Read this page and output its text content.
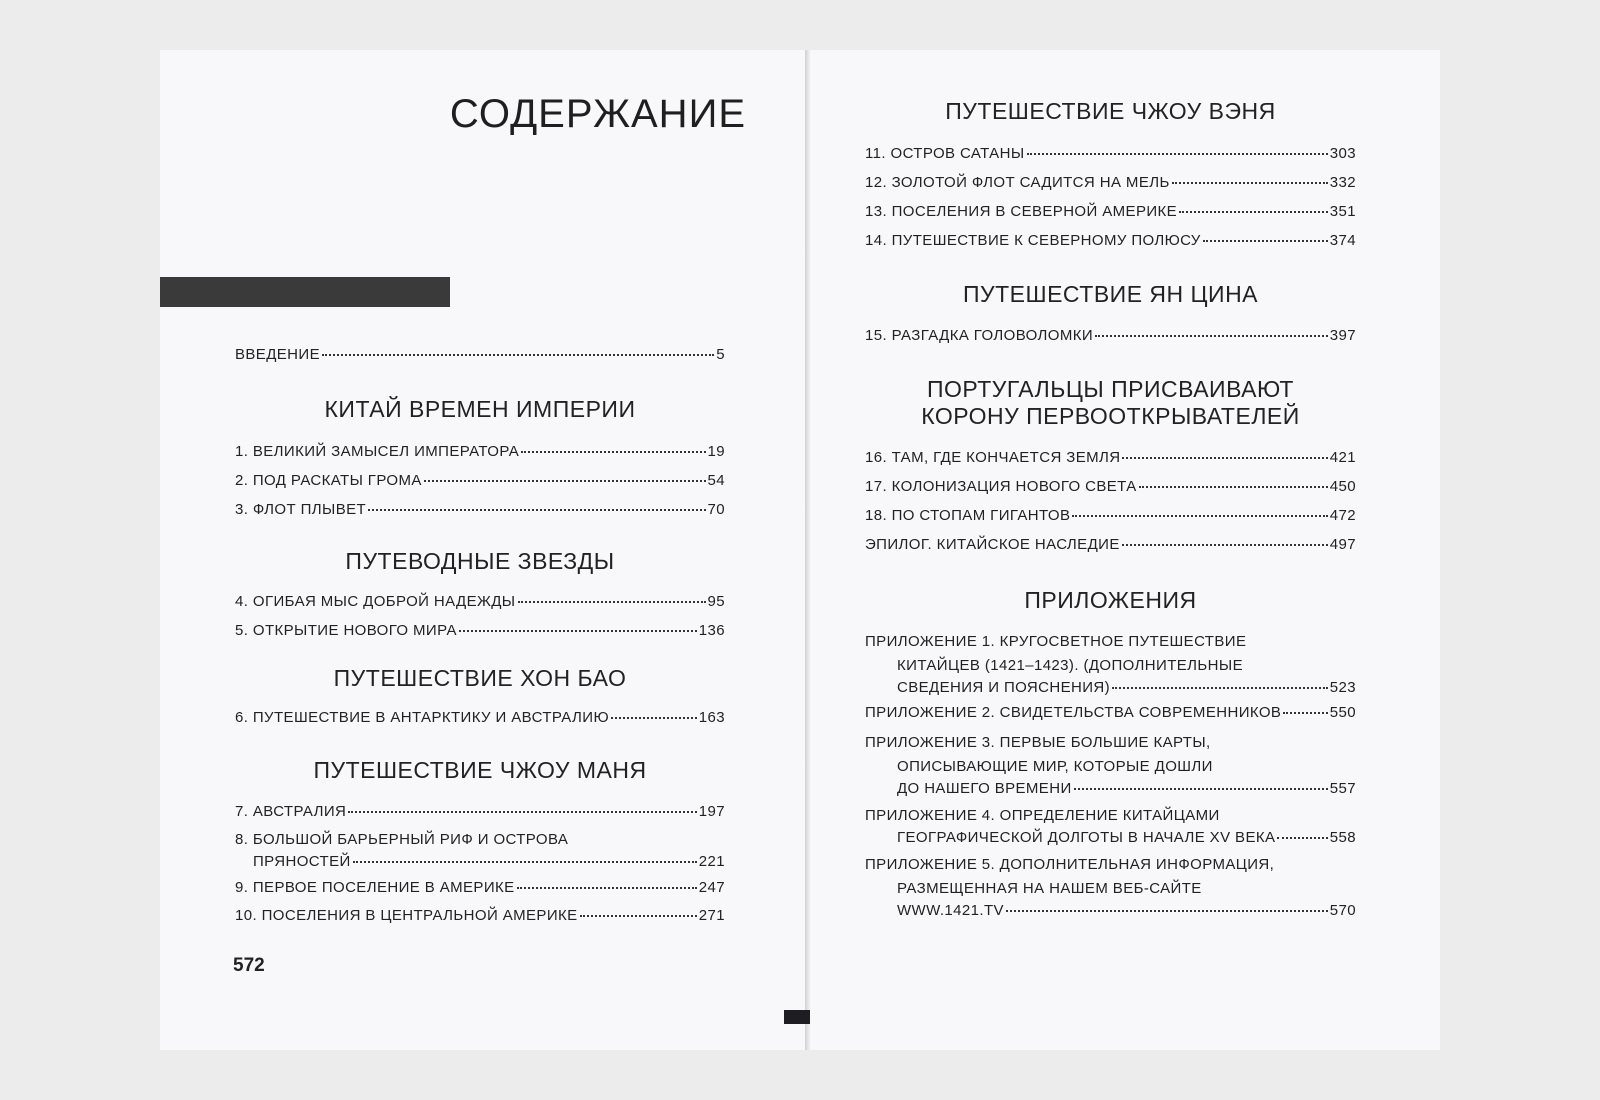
СОДЕРЖАНИЕ
ВВЕДЕНИЕ	5
КИТАЙ ВРЕМЕН ИМПЕРИИ
1. ВЕЛИКИЙ ЗАМЫСЕЛ ИМПЕРАТОРА	19
2. ПОД РАСКАТЫ ГРОМА	54
3. ФЛОТ ПЛЫВЕТ	70
ПУТЕВОДНЫЕ ЗВЕЗДЫ
4. ОГИБАЯ МЫС ДОБРОЙ НАДЕЖДЫ	95
5. ОТКРЫТИЕ НОВОГО МИРА	136
ПУТЕШЕСТВИЕ ХОН БАО
6. ПУТЕШЕСТВИЕ В АНТАРКТИКУ И АВСТРАЛИЮ	163
ПУТЕШЕСТВИЕ ЧЖОУ МАНЯ
7. АВСТРАЛИЯ	197
8. БОЛЬШОЙ БАРЬЕРНЫЙ РИФ И ОСТРОВА
ПРЯНОСТЕЙ	221
9. ПЕРВОЕ ПОСЕЛЕНИЕ В АМЕРИКЕ	247
10. ПОСЕЛЕНИЯ В ЦЕНТРАЛЬНОЙ АМЕРИКЕ	271
572
ПУТЕШЕСТВИЕ ЧЖОУ ВЭНЯ
11. ОСТРОВ САТАНЫ	303
12. ЗОЛОТОЙ ФЛОТ САДИТСЯ НА МЕЛЬ	332
13. ПОСЕЛЕНИЯ В СЕВЕРНОЙ АМЕРИКЕ	351
14. ПУТЕШЕСТВИЕ К СЕВЕРНОМУ ПОЛЮСУ	374
ПУТЕШЕСТВИЕ ЯН ЦИНА
15. РАЗГАДКА ГОЛОВОЛОМКИ	397
ПОРТУГАЛЬЦЫ ПРИСВАИВАЮТ
КОРОНУ ПЕРВООТКРЫВАТЕЛЕЙ
16. ТАМ, ГДЕ КОНЧАЕТСЯ ЗЕМЛЯ	421
17. КОЛОНИЗАЦИЯ НОВОГО СВЕТА	450
18. ПО СТОПАМ ГИГАНТОВ	472
ЭПИЛОГ. КИТАЙСКОЕ НАСЛЕДИЕ	497
ПРИЛОЖЕНИЯ
ПРИЛОЖЕНИЕ 1. КРУГОСВЕТНОЕ ПУТЕШЕСТВИЕ
КИТАЙЦЕВ (1421–1423). (ДОПОЛНИТЕЛЬНЫЕ
СВЕДЕНИЯ И ПОЯСНЕНИЯ)	523
ПРИЛОЖЕНИЕ 2. СВИДЕТЕЛЬСТВА СОВРЕМЕННИКОВ	550
ПРИЛОЖЕНИЕ 3. ПЕРВЫЕ БОЛЬШИЕ КАРТЫ,
ОПИСЫВАЮЩИЕ МИР, КОТОРЫЕ ДОШЛИ
ДО НАШЕГО ВРЕМЕНИ	557
ПРИЛОЖЕНИЕ 4. ОПРЕДЕЛЕНИЕ КИТАЙЦАМИ
ГЕОГРАФИЧЕСКОЙ ДОЛГОТЫ В НАЧАЛЕ XV ВЕКА	558
ПРИЛОЖЕНИЕ 5. ДОПОЛНИТЕЛЬНАЯ ИНФОРМАЦИЯ,
РАЗМЕЩЕННАЯ НА НАШЕМ ВЕБ-САЙТЕ
WWW.1421.TV	570
